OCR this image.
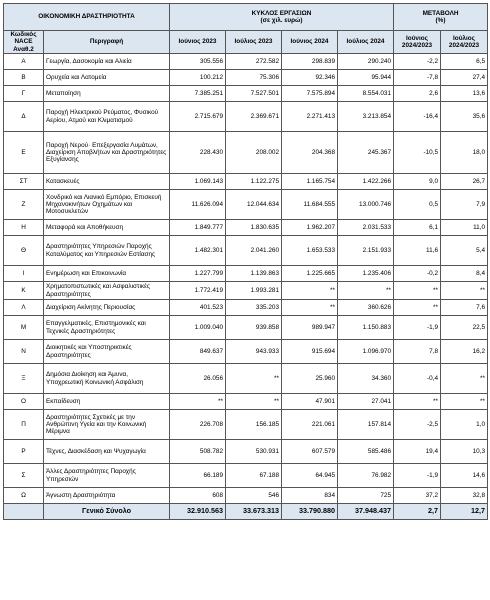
ΟΙΚΟΝΟΜΙΚΗ ΔΡΑΣΤΗΡΙΟΤΗΤΑ		ΚΥΚΛΟΣ ΕΡΓΑΣΙΩΝ
(σε χιλ. ευρώ)				ΜΕΤΑΒΟΛΗ
(%)	
Κωδικός NACE Αναθ.2	Περιγραφή	Ιούνιος 2023	Ιούλιος 2023	Ιούνιος 2024	Ιούλιος 2024	Ιούνιος 2024/2023	Ιούλιος 2024/2023
Α	Γεωργία, Δασοκομία και Αλιεία	305.556	272.582	298.839	290.240	-2,2	6,5
Β	Ορυχεία και Λατομεία	100.212	75.306	92.346	95.944	-7,8	27,4
Γ	Μεταποίηση	7.385.251	7.527.501	7.575.894	8.554.031	2,6	13,6
Δ	Παροχή Ηλεκτρικού Ρεύματος, Φυσικού Αερίου, Ατμού και Κλιματισμού	2.715.679	2.369.671	2.271.413	3.213.854	-16,4	35,6
Ε	Παροχή Νερού· Επεξεργασία Λυμάτων, Διαχείριση Αποβλήτων και Δραστηριότητες Εξυγίανσης	228.430	208.002	204.368	245.367	-10,5	18,0
ΣΤ	Κατασκευές	1.069.143	1.122.275	1.165.754	1.422.266	9,0	26,7
Ζ	Χονδρικό και Λιανικό Εμπόριο, Επισκευή Μηχανοκινήτων Οχημάτων και Μοτοσυκλετών	11.626.094	12.044.634	11.684.555	13.000.746	0,5	7,9
Η	Μεταφορά και Αποθήκευση	1.849.777	1.830.635	1.962.207	2.031.533	6,1	11,0
Θ	Δραστηριότητες Υπηρεσιών Παροχής Καταλύματος και Υπηρεσιών Εστίασης	1.482.301	2.041.260	1.653.533	2.151.933	11,6	5,4
Ι	Ενημέρωση και Επικοινωνία	1.227.799	1.139.863	1.225.665	1.235.406	-0,2	8,4
Κ	Χρηματοπιστωτικές και Ασφαλιστικές Δραστηριότητες	1.772.419	1.993.281	**	**	**	**
Λ	Διαχείριση Ακίνητης Περιουσίας	401.523	335.203	**	360.626	**	7,6
Μ	Επαγγελματικές, Επιστημονικές και Τεχνικές Δραστηριότητες	1.009.040	939.858	989.947	1.150.883	-1,9	22,5
Ν	Διοικητικές και Υποστηρικτικές Δραστηριότητες	849.637	943.933	915.694	1.096.970	7,8	16,2
Ξ	Δημόσια Διοίκηση και Άμυνα, Υποχρεωτική Κοινωνική Ασφάλιση	26.056	**	25.960	34.360	-0,4	**
Ο	Εκπαίδευση	**	**	47.901	27.041	**	**
Π	Δραστηριότητες Σχετικές με την Ανθρώπινη Υγεία και την Κοινωνική Μέριμνα	226.708	156.185	221.061	157.814	-2,5	1,0
Ρ	Τέχνες, Διασκέδαση και Ψυχαγωγία	508.782	530.931	607.579	585.486	19,4	10,3
Σ	Άλλες Δραστηριότητες Παροχής Υπηρεσιών	66.189	67.188	64.945	76.982	-1,9	14,6
Ω	Άγνωστη Δραστηριότητα	608	546	834	725	37,2	32,8
	Γενικό Σύνολο	32.910.563	33.673.313	33.790.880	37.948.437	2,7	12,7
